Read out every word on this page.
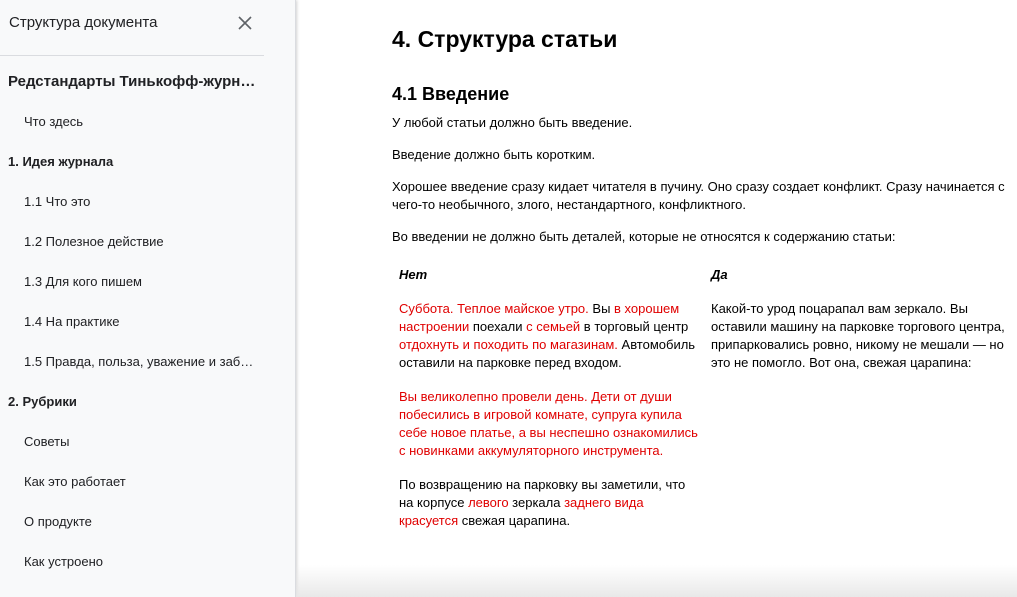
Структура документа
Редстандарты Тинькофф-журн…
Что здесь
1. Идея журнала
1.1 Что это
1.2 Полезное действие
1.3 Для кого пишем
1.4 На практике
1.5 Правда, польза, уважение и заб…
2. Рубрики
Советы
Как это работает
О продукте
Как устроено
4. Структура статьи
4.1 Введение

У любой статьи должно быть введение.

Введение должно быть коротким.

Хорошее введение сразу кидает читателя в пучину. Оно сразу создает конфликт. Сразу начинается с чего-то необычного, злого, нестандартного, конфликтного.

Во введении не должно быть деталей, которые не относятся к содержанию статьи:

Нет

Суббота. Теплое майское утро. Вы в хорошем настроении поехали с семьей в торговый центр отдохнуть и походить по магазинам. Автомобиль оставили на парковке перед входом.

Вы великолепно провели день. Дети от души побесились в игровой комнате, супруга купила себе новое платье, а вы неспешно ознакомились с новинками аккумуляторного инструмента.

По возвращению на парковку вы заметили, что на корпусе левого зеркала заднего вида красуется свежая царапина.

Да

Какой-то урод поцарапал вам зеркало. Вы оставили машину на парковке торгового центра, припарковались ровно, никому не мешали — но это не помогло. Вот она, свежая царапина:
